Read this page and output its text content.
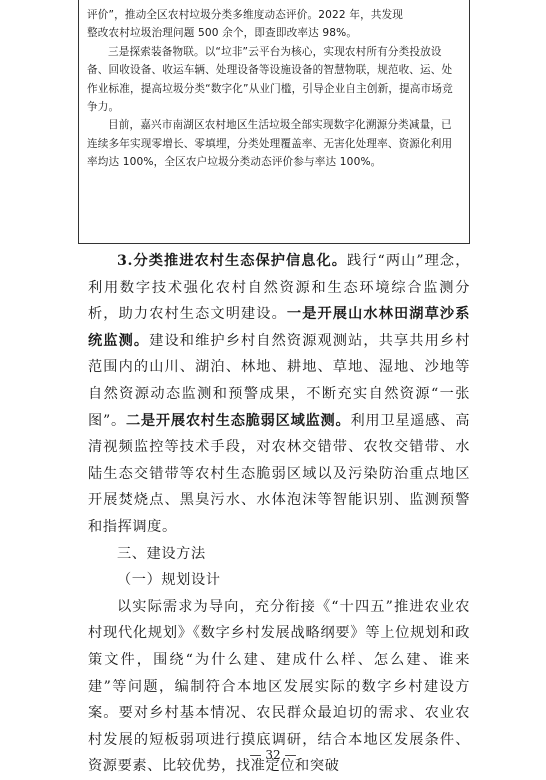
评价”，推动全区农村垃圾分类多维度动态评价。2022 年，共发现

整改农村垃圾治理问题 500 余个，即查即改率达 98%。

三是探索装备物联。以“垃非”云平台为核心，实现农村所有分类投放设备、回收设备、收运车辆、处理设备等设施设备的智慧物联，规范收、运、处作业标准，提高垃圾分类“数字化”从业门槛，引导企业自主创新，提高市场竞争力。

目前，嘉兴市南湖区农村地区生活垃圾全部实现数字化溯源分类减量，已连续多年实现零增长、零填埋，分类处理覆盖率、无害化处理率、资源化利用率均达 100%，全区农户垃圾分类动态评价参与率达 100%。

3.分类推进农村生态保护信息化。践行“两山”理念，利用数字技术强化农村自然资源和生态环境综合监测分析，助力农村生态文明建设。一是开展山水林田湖草沙系统监测。建设和维护乡村自然资源观测站，共享共用乡村范围内的山川、湖泊、林地、耕地、草地、湿地、沙地等自然资源动态监测和预警成果，不断充实自然资源“一张图”。二是开展农村生态脆弱区域监测。利用卫星遥感、高清视频监控等技术手段，对农林交错带、农牧交错带、水陆生态交错带等农村生态脆弱区域以及污染防治重点地区开展焚烧点、黑臭污水、水体泡沫等智能识别、监测预警和指挥调度。

三、建设方法

（一）规划设计

以实际需求为导向，充分衔接《“十四五”推进农业农村现代化规划》《数字乡村发展战略纲要》等上位规划和政策文件，围绕“为什么建、建成什么样、怎么建、谁来建”等问题，编制符合本地区发展实际的数字乡村建设方案。要对乡村基本情况、农民群众最迫切的需求、农业农村发展的短板弱项进行摸底调研，结合本地区发展条件、资源要素、比较优势，找准定位和突破

— 32 —
